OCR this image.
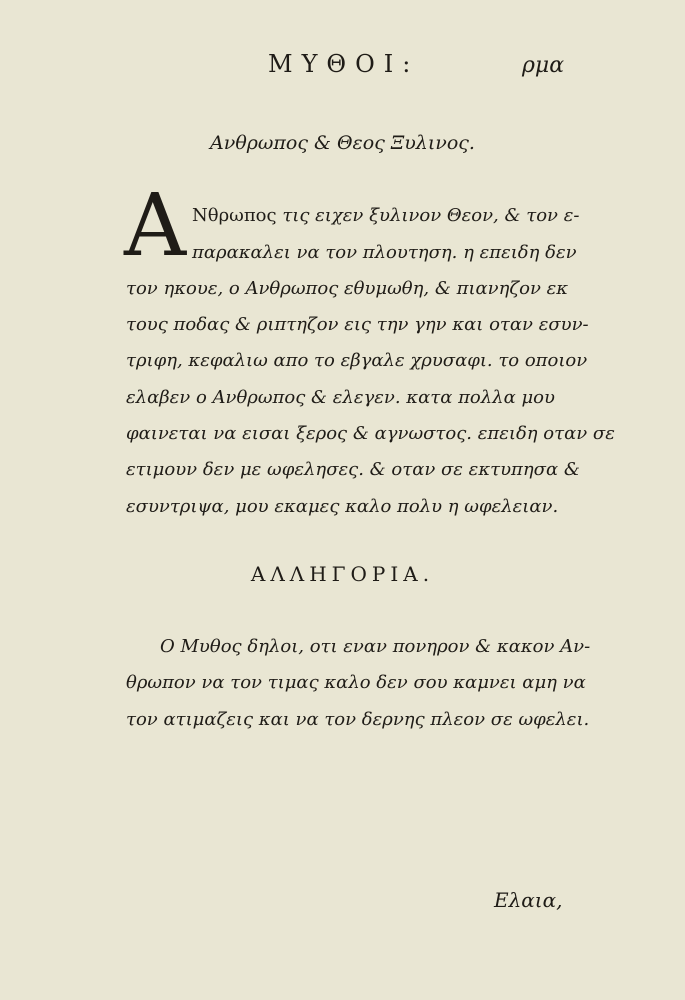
ΜΥΘΟΙ:	ρμα
Ανθρωπος & Θεος Ξυλινος.
Α Νθρωπος τις ειχεν ξυλινον Θεον, & τον ε-
παρακαλει να τον πλουτηση. η επειδη δεν
τον ηκουε, ο Ανθρωπος εθυμωθη, & πιανηζον εκ
τους ποδας & ριπτηζον εις την γην και οταν εσυν-
τριφη, κεφαλιω απο το εβγαλε χρυσαφι. το οποιον
ελαβεν ο Ανθρωπος & ελεγεν. κατα πολλα μου
φαινεται να εισαι ξερος & αγνωστος. επειδη οταν σε
ετιμουν δεν με ωφελησες. & οταν σε εκτυπησα &
εσυντριψα, μου εκαμες καλο πολυ η ωφελειαν.
ΑΛΛΗΓΟΡΙΑ.
Ο Μυθος δηλοι, οτι εναν πονηρον & κακον Αν-
θρωπον να τον τιμας καλο δεν σου καμνει αμη να
τον ατιμαζεις και να τον δερνης πλεον σε ωφελει.
Ελαια,
